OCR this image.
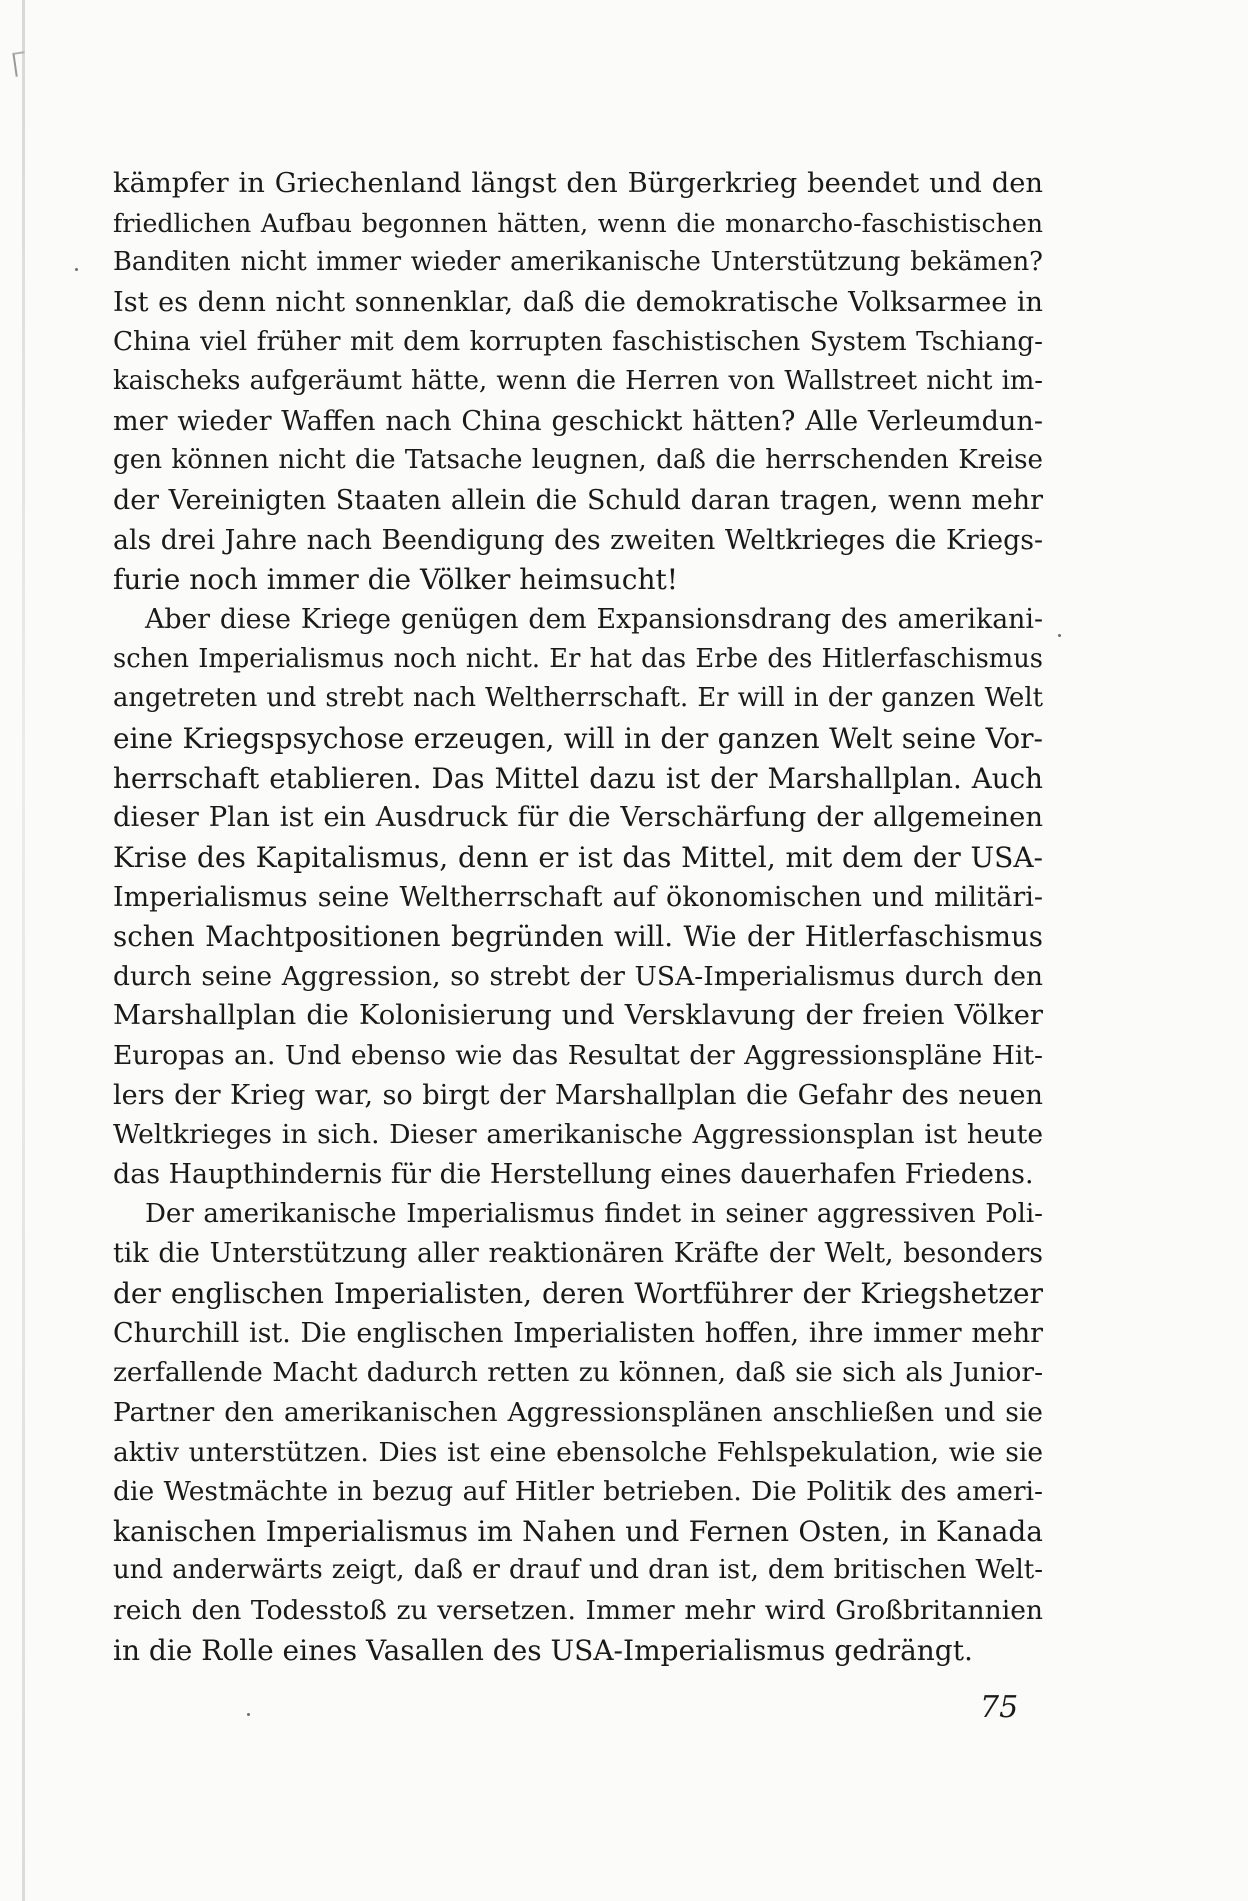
kämpfer in Griechenland längst den Bürgerkrieg beendet und den
friedlichen Aufbau begonnen hätten, wenn die monarcho-faschistischen
Banditen nicht immer wieder amerikanische Unterstützung bekämen?
Ist es denn nicht sonnenklar, daß die demokratische Volksarmee in
China viel früher mit dem korrupten faschistischen System Tschiang-
kaischeks aufgeräumt hätte, wenn die Herren von Wallstreet nicht im-
mer wieder Waffen nach China geschickt hätten? Alle Verleumdun-
gen können nicht die Tatsache leugnen, daß die herrschenden Kreise
der Vereinigten Staaten allein die Schuld daran tragen, wenn mehr
als drei Jahre nach Beendigung des zweiten Weltkrieges die Kriegs-
furie noch immer die Völker heimsucht!
Aber diese Kriege genügen dem Expansionsdrang des amerikani-
schen Imperialismus noch nicht. Er hat das Erbe des Hitlerfaschismus
angetreten und strebt nach Weltherrschaft. Er will in der ganzen Welt
eine Kriegspsychose erzeugen, will in der ganzen Welt seine Vor-
herrschaft etablieren. Das Mittel dazu ist der Marshallplan. Auch
dieser Plan ist ein Ausdruck für die Verschärfung der allgemeinen
Krise des Kapitalismus, denn er ist das Mittel, mit dem der USA-
Imperialismus seine Weltherrschaft auf ökonomischen und militäri-
schen Machtpositionen begründen will. Wie der Hitlerfaschismus
durch seine Aggression, so strebt der USA-Imperialismus durch den
Marshallplan die Kolonisierung und Versklavung der freien Völker
Europas an. Und ebenso wie das Resultat der Aggressionspläne Hit-
lers der Krieg war, so birgt der Marshallplan die Gefahr des neuen
Weltkrieges in sich. Dieser amerikanische Aggressionsplan ist heute
das Haupthindernis für die Herstellung eines dauerhafen Friedens.
Der amerikanische Imperialismus findet in seiner aggressiven Poli-
tik die Unterstützung aller reaktionären Kräfte der Welt, besonders
der englischen Imperialisten, deren Wortführer der Kriegshetzer
Churchill ist. Die englischen Imperialisten hoffen, ihre immer mehr
zerfallende Macht dadurch retten zu können, daß sie sich als Junior-
Partner den amerikanischen Aggressionsplänen anschließen und sie
aktiv unterstützen. Dies ist eine ebensolche Fehlspekulation, wie sie
die Westmächte in bezug auf Hitler betrieben. Die Politik des ameri-
kanischen Imperialismus im Nahen und Fernen Osten, in Kanada
und anderwärts zeigt, daß er drauf und dran ist, dem britischen Welt-
reich den Todesstoß zu versetzen. Immer mehr wird Großbritannien
in die Rolle eines Vasallen des USA-Imperialismus gedrängt.
75
